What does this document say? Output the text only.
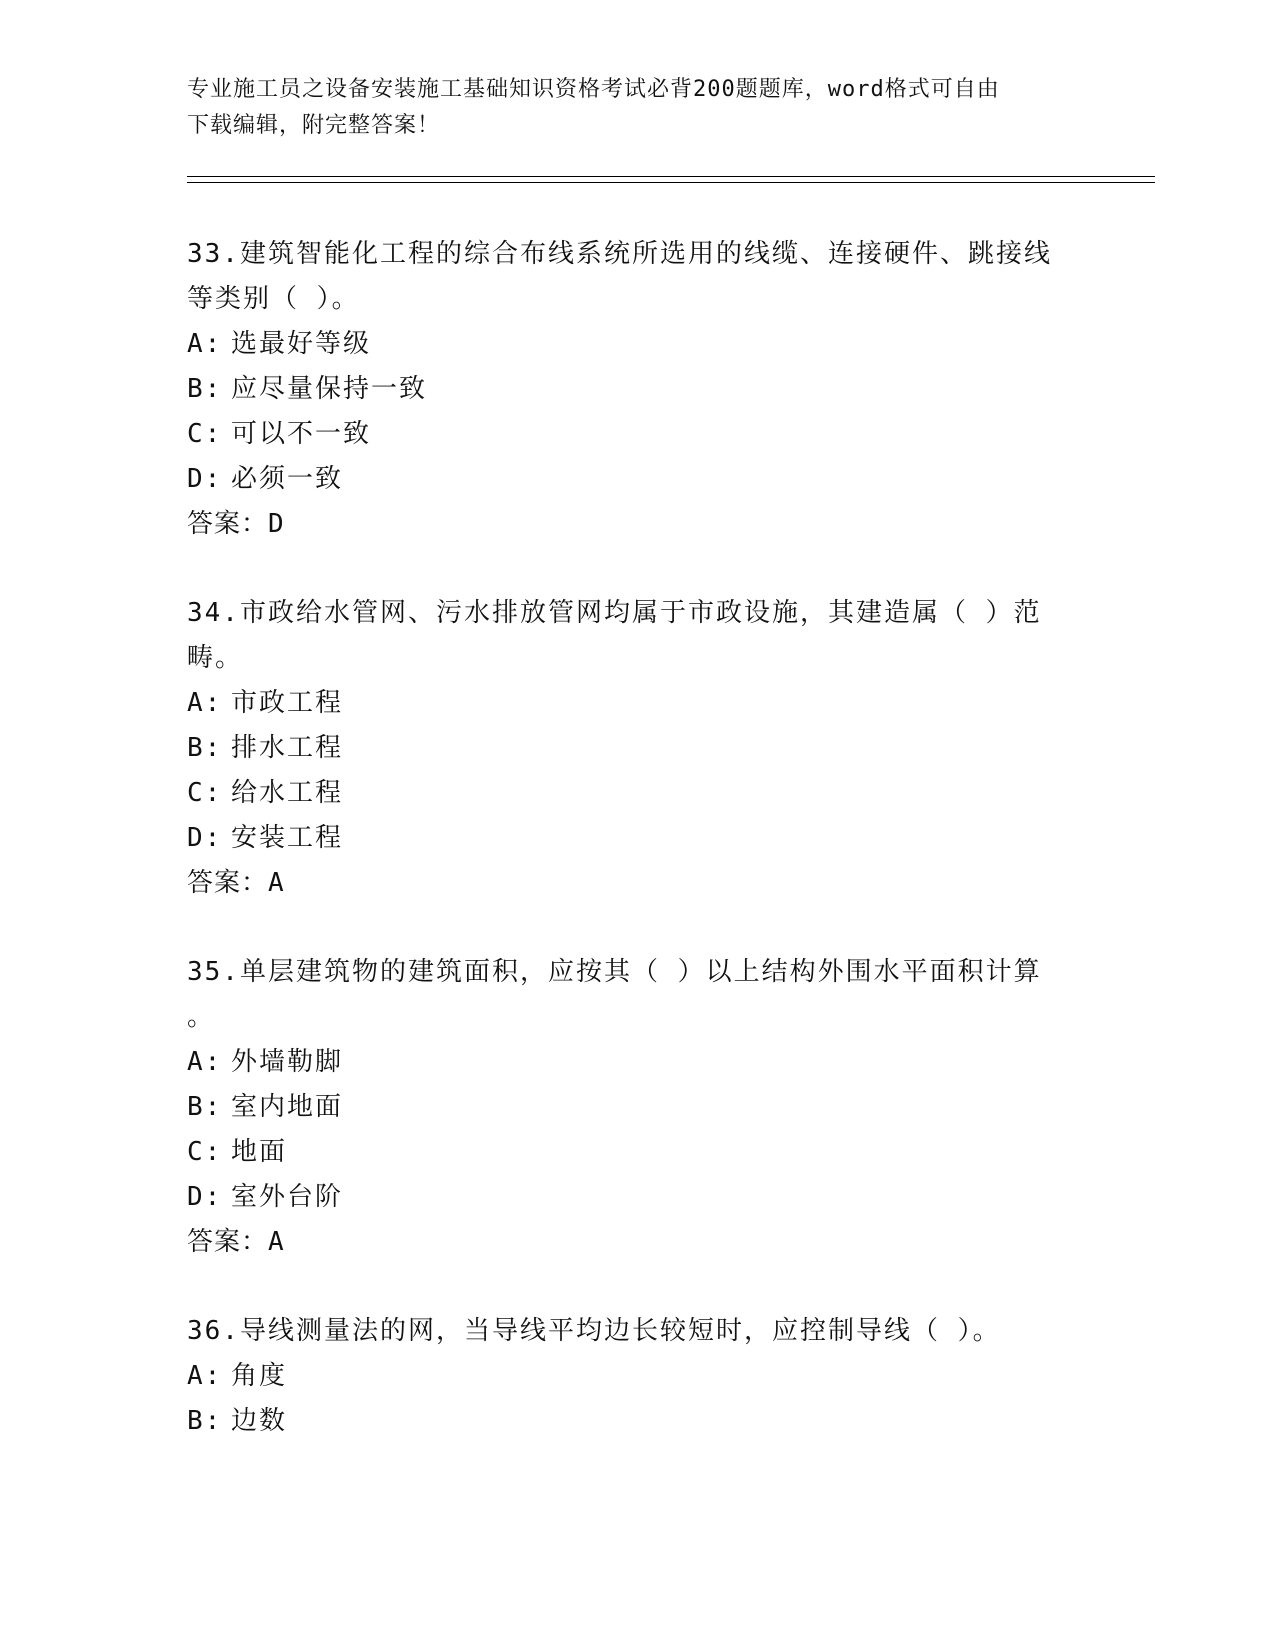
专业施工员之设备安装施工基础知识资格考试必背200题题库，word格式可自由
下载编辑，附完整答案！

33.建筑智能化工程的综合布线系统所选用的线缆、连接硬件、跳接线

等类别（ ）。

A: 选最好等级

B: 应尽量保持一致

C: 可以不一致

D: 必须一致

答案：D

34.市政给水管网、污水排放管网均属于市政设施，其建造属（ ）范

畴。

A: 市政工程

B: 排水工程

C: 给水工程

D: 安装工程

答案：A

35.单层建筑物的建筑面积，应按其（ ）以上结构外围水平面积计算

。

A: 外墙勒脚

B: 室内地面

C: 地面

D: 室外台阶

答案：A

36.导线测量法的网，当导线平均边长较短时，应控制导线（ ）。

A: 角度

B: 边数
